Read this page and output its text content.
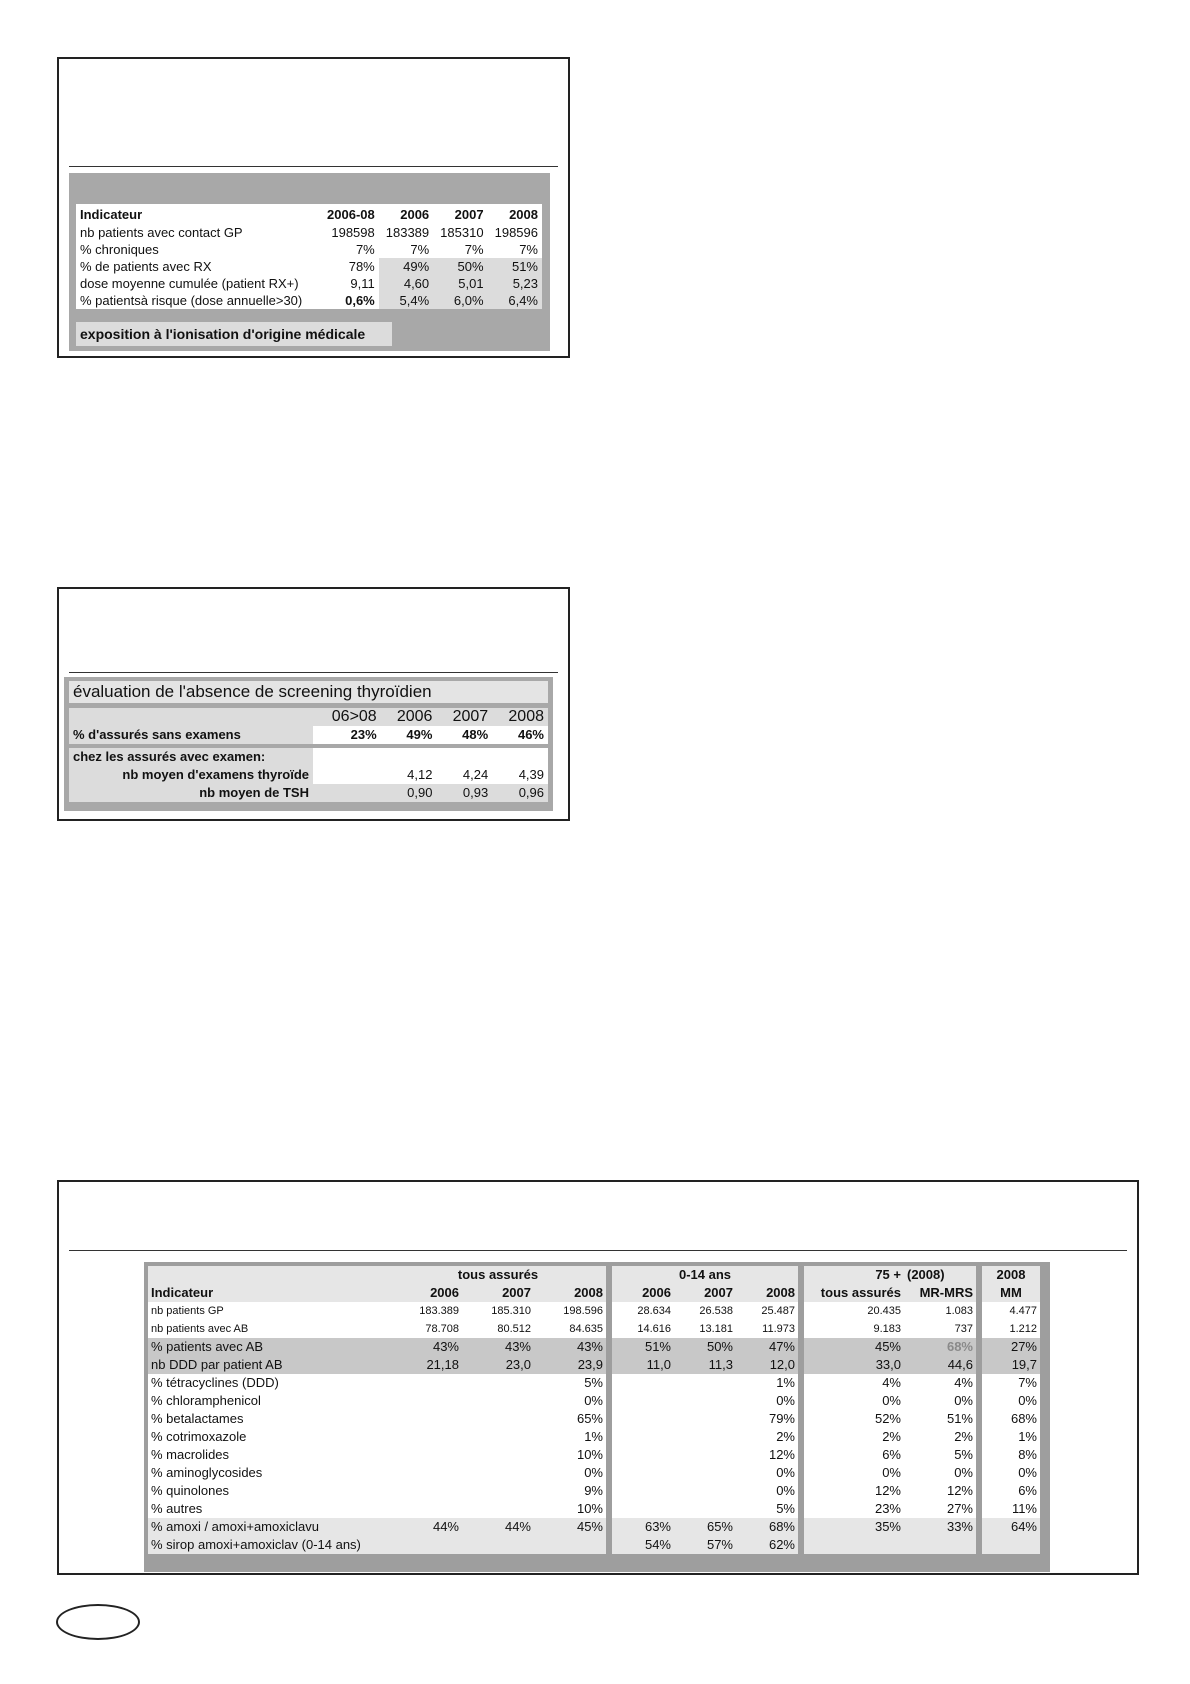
Indicateur	2006-08	2006	2007	2008
nb patients avec contact GP	198598	183389	185310	198596
% chroniques	7%	7%	7%	7%
% de patients avec RX	78%	49%	50%	51%
dose moyenne cumulée (patient RX+)	9,11	4,60	5,01	5,23
% patientsà risque (dose annuelle>30)	0,6%	5,4%	6,0%	6,4%
exposition à l'ionisation d'origine médicale
évaluation de l'absence de screening thyroïdien
	06>08	2006	2007	2008
% d'assurés sans examens	23%	49%	48%	46%

chez les assurés avec examen:				
nb moyen d'examens thyroïde		4,12	4,24	4,39
nb moyen de TSH		0,90	0,93	0,96
	tous assurés				0-14 ans				75 +	(2008)		2008
Indicateur	2006	2007	2008		2006	2007	2008		tous assurés	MR-MRS		MM
nb patients GP	183.389	185.310	198.596		28.634	26.538	25.487		20.435	1.083		4.477
nb patients avec AB	78.708	80.512	84.635		14.616	13.181	11.973		9.183	737		1.212
% patients avec AB	43%	43%	43%		51%	50%	47%		45%	68%		27%
nb DDD par patient AB	21,18	23,0	23,9		11,0	11,3	12,0		33,0	44,6		19,7
% tétracyclines (DDD)			5%				1%		4%	4%		7%
% chloramphenicol			0%				0%		0%	0%		0%
% betalactames			65%				79%		52%	51%		68%
% cotrimoxazole			1%				2%		2%	2%		1%
% macrolides			10%				12%		6%	5%		8%
% aminoglycosides			0%				0%		0%	0%		0%
% quinolones			9%				0%		12%	12%		6%
% autres			10%				5%		23%	27%		11%
% amoxi / amoxi+amoxiclavu	44%	44%	45%		63%	65%	68%		35%	33%		64%
% sirop amoxi+amoxiclav (0-14 ans)					54%	57%	62%					
